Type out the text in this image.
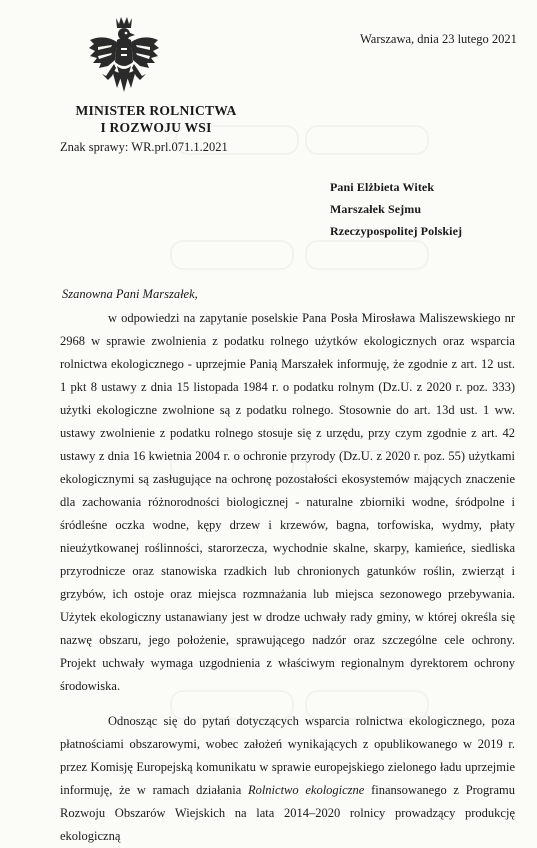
Warszawa, dnia 23 lutego 2021
MINISTER ROLNICTWA
I ROZWOJU WSI
Znak sprawy: WR.prl.071.1.2021
Pani Elżbieta Witek
Marszałek Sejmu
Rzeczypospolitej Polskiej
Szanowna Pani Marszałek,

w odpowiedzi na zapytanie poselskie Pana Posła Mirosława Maliszewskiego nr 2968 w sprawie zwolnienia z podatku rolnego użytków ekologicznych oraz wsparcia rolnictwa ekologicznego - uprzejmie Panią Marszałek informuję, że zgodnie z art. 12 ust. 1 pkt 8 ustawy z dnia 15 listopada 1984 r. o podatku rolnym (Dz.U. z 2020 r. poz. 333) użytki ekologiczne zwolnione są z podatku rolnego. Stosownie do art. 13d ust. 1 ww. ustawy zwolnienie z podatku rolnego stosuje się z urzędu, przy czym zgodnie z art. 42 ustawy z dnia 16 kwietnia 2004 r. o ochronie przyrody (Dz.U. z 2020 r. poz. 55) użytkami ekologicznymi są zasługujące na ochronę pozostałości ekosystemów mających znaczenie dla zachowania różnorodności biologicznej - naturalne zbiorniki wodne, śródpolne i śródleśne oczka wodne, kępy drzew i krzewów, bagna, torfowiska, wydmy, płaty nieużytkowanej roślinności, starorzecza, wychodnie skalne, skarpy, kamieńce, siedliska przyrodnicze oraz stanowiska rzadkich lub chronionych gatunków roślin, zwierząt i grzybów, ich ostoje oraz miejsca rozmnażania lub miejsca sezonowego przebywania. Użytek ekologiczny ustanawiany jest w drodze uchwały rady gminy, w której określa się nazwę obszaru, jego położenie, sprawującego nadzór oraz szczególne cele ochrony. Projekt uchwały wymaga uzgodnienia z właściwym regionalnym dyrektorem ochrony środowiska.

Odnosząc się do pytań dotyczących wsparcia rolnictwa ekologicznego, poza płatnościami obszarowymi, wobec założeń wynikających z opublikowanego w 2019 r. przez Komisję Europejską komunikatu w sprawie europejskiego zielonego ładu uprzejmie informuję, że w ramach działania Rolnictwo ekologiczne finansowanego z Programu Rozwoju Obszarów Wiejskich na lata 2014–2020 rolnicy prowadzący produkcję ekologiczną
